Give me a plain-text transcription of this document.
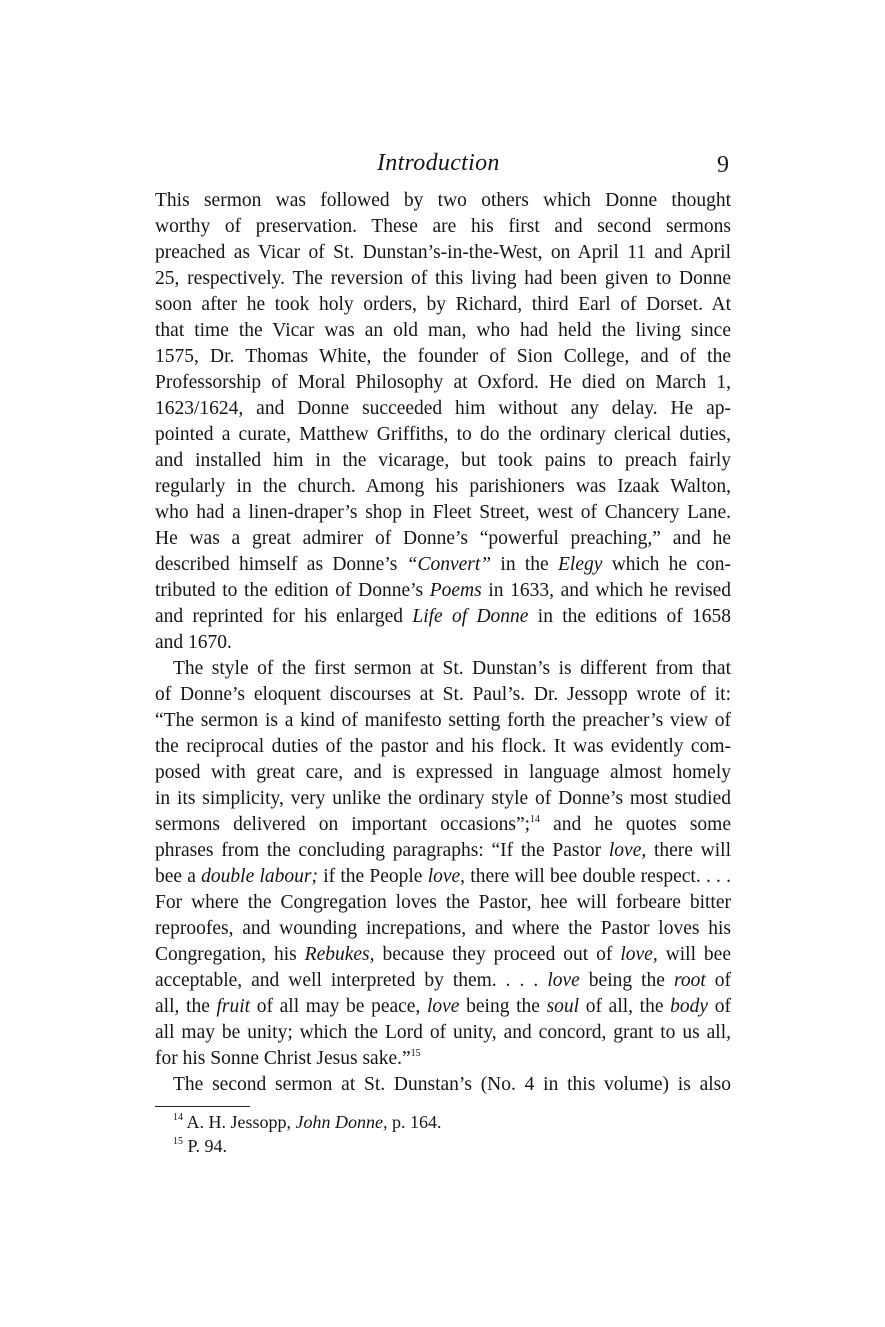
Introduction	9
This sermon was followed by two others which Donne thought
worthy of preservation. These are his first and second sermons
preached as Vicar of St. Dunstan’s-in-the-West, on April 11 and April
25, respectively. The reversion of this living had been given to Donne
soon after he took holy orders, by Richard, third Earl of Dorset. At
that time the Vicar was an old man, who had held the living since
1575, Dr. Thomas White, the founder of Sion College, and of the
Professorship of Moral Philosophy at Oxford. He died on March 1,
1623/1624, and Donne succeeded him without any delay. He ap-
pointed a curate, Matthew Griffiths, to do the ordinary clerical duties,
and installed him in the vicarage, but took pains to preach fairly
regularly in the church. Among his parishioners was Izaak Walton,
who had a linen-draper’s shop in Fleet Street, west of Chancery Lane.
He was a great admirer of Donne’s “powerful preaching,” and he
described himself as Donne’s “Convert” in the Elegy which he con-
tributed to the edition of Donne’s Poems in 1633, and which he revised
and reprinted for his enlarged Life of Donne in the editions of 1658
and 1670.
The style of the first sermon at St. Dunstan’s is different from that
of Donne’s eloquent discourses at St. Paul’s. Dr. Jessopp wrote of it:
“The sermon is a kind of manifesto setting forth the preacher’s view of
the reciprocal duties of the pastor and his flock. It was evidently com-
posed with great care, and is expressed in language almost homely
in its simplicity, very unlike the ordinary style of Donne’s most studied
sermons delivered on important occasions”;$^{14}$ and he quotes some
phrases from the concluding paragraphs: “If the Pastor love, there will
bee a double labour; if the People love, there will bee double respect. . . .
For where the Congregation loves the Pastor, hee will forbeare bitter
reproofes, and wounding increpations, and where the Pastor loves his
Congregation, his Rebukes, because they proceed out of love, will bee
acceptable, and well interpreted by them. . . . love being the root of
all, the fruit of all may be peace, love being the soul of all, the body of
all may be unity; which the Lord of unity, and concord, grant to us all,
for his Sonne Christ Jesus sake.”$^{15}$
The second sermon at St. Dunstan’s (No. 4 in this volume) is also
$^{14}$ A. H. Jessopp, John Donne, p. 164.
$^{15}$ P. 94.
